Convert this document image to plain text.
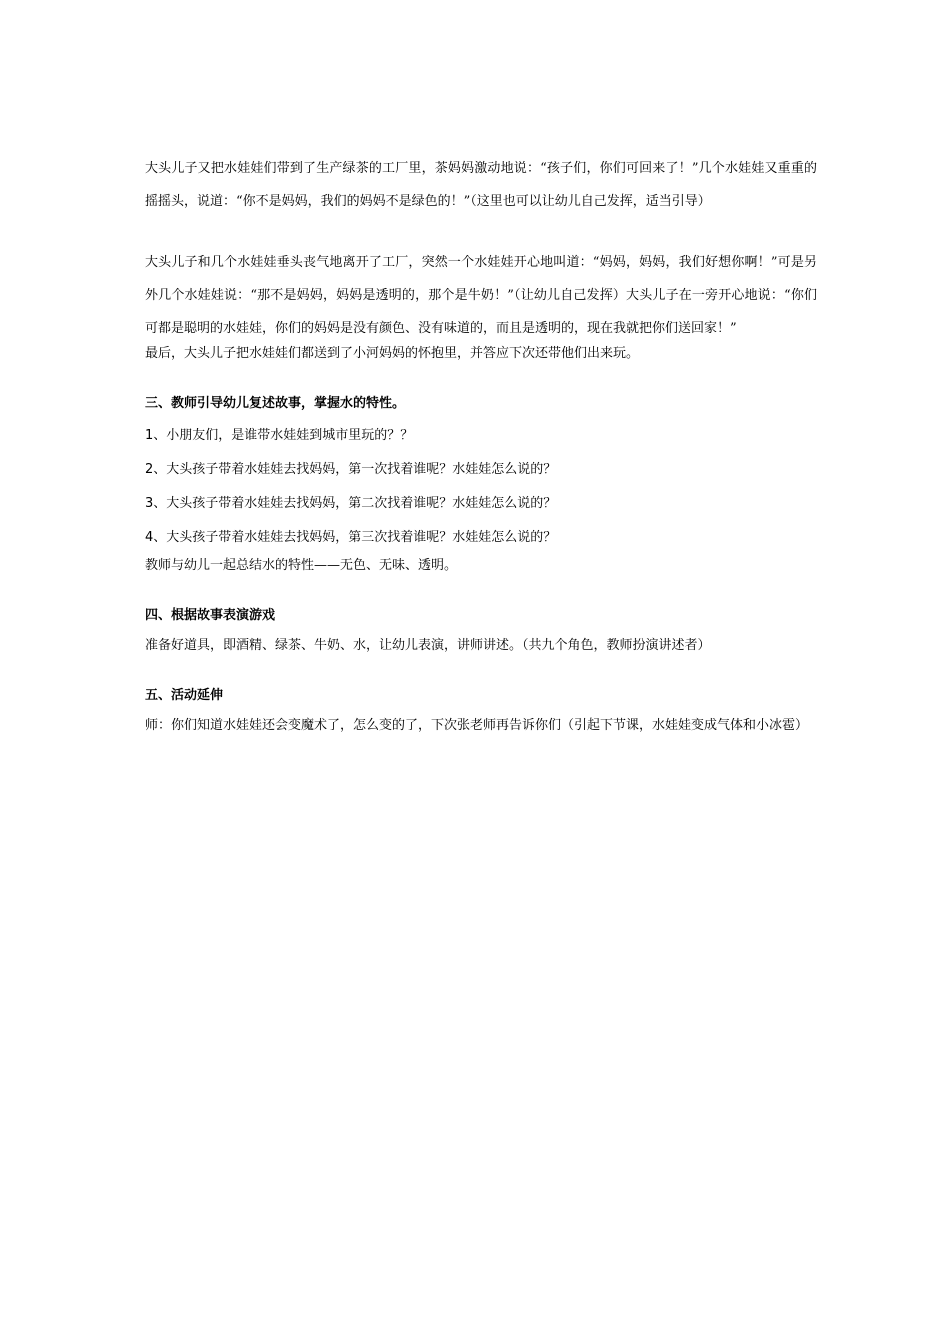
大头儿子又把水娃娃们带到了生产绿茶的工厂里，茶妈妈激动地说：“孩子们，你们可回来了！”几个水娃娃又重重的摇摇头，说道：“你不是妈妈，我们的妈妈不是绿色的！”（这里也可以让幼儿自己发挥，适当引导）

大头儿子和几个水娃娃垂头丧气地离开了工厂，突然一个水娃娃开心地叫道：“妈妈，妈妈，我们好想你啊！”可是另外几个水娃娃说：“那不是妈妈，妈妈是透明的，那个是牛奶！”（让幼儿自己发挥）大头儿子在一旁开心地说：“你们可都是聪明的水娃娃，你们的妈妈是没有颜色、没有味道的，而且是透明的，现在我就把你们送回家！”

最后，大头儿子把水娃娃们都送到了小河妈妈的怀抱里，并答应下次还带他们出来玩。

三、教师引导幼儿复述故事，掌握水的特性。

1、小朋友们，是谁带水娃娃到城市里玩的？？

2、大头孩子带着水娃娃去找妈妈，第一次找着谁呢？水娃娃怎么说的？

3、大头孩子带着水娃娃去找妈妈，第二次找着谁呢？水娃娃怎么说的？

4、大头孩子带着水娃娃去找妈妈，第三次找着谁呢？水娃娃怎么说的？

教师与幼儿一起总结水的特性——无色、无味、透明。

四、根据故事表演游戏

准备好道具，即酒精、绿茶、牛奶、水，让幼儿表演，讲师讲述。（共九个角色，教师扮演讲述者）

五、活动延伸

师：你们知道水娃娃还会变魔术了，怎么变的了，下次张老师再告诉你们（引起下节课，水娃娃变成气体和小冰雹）
